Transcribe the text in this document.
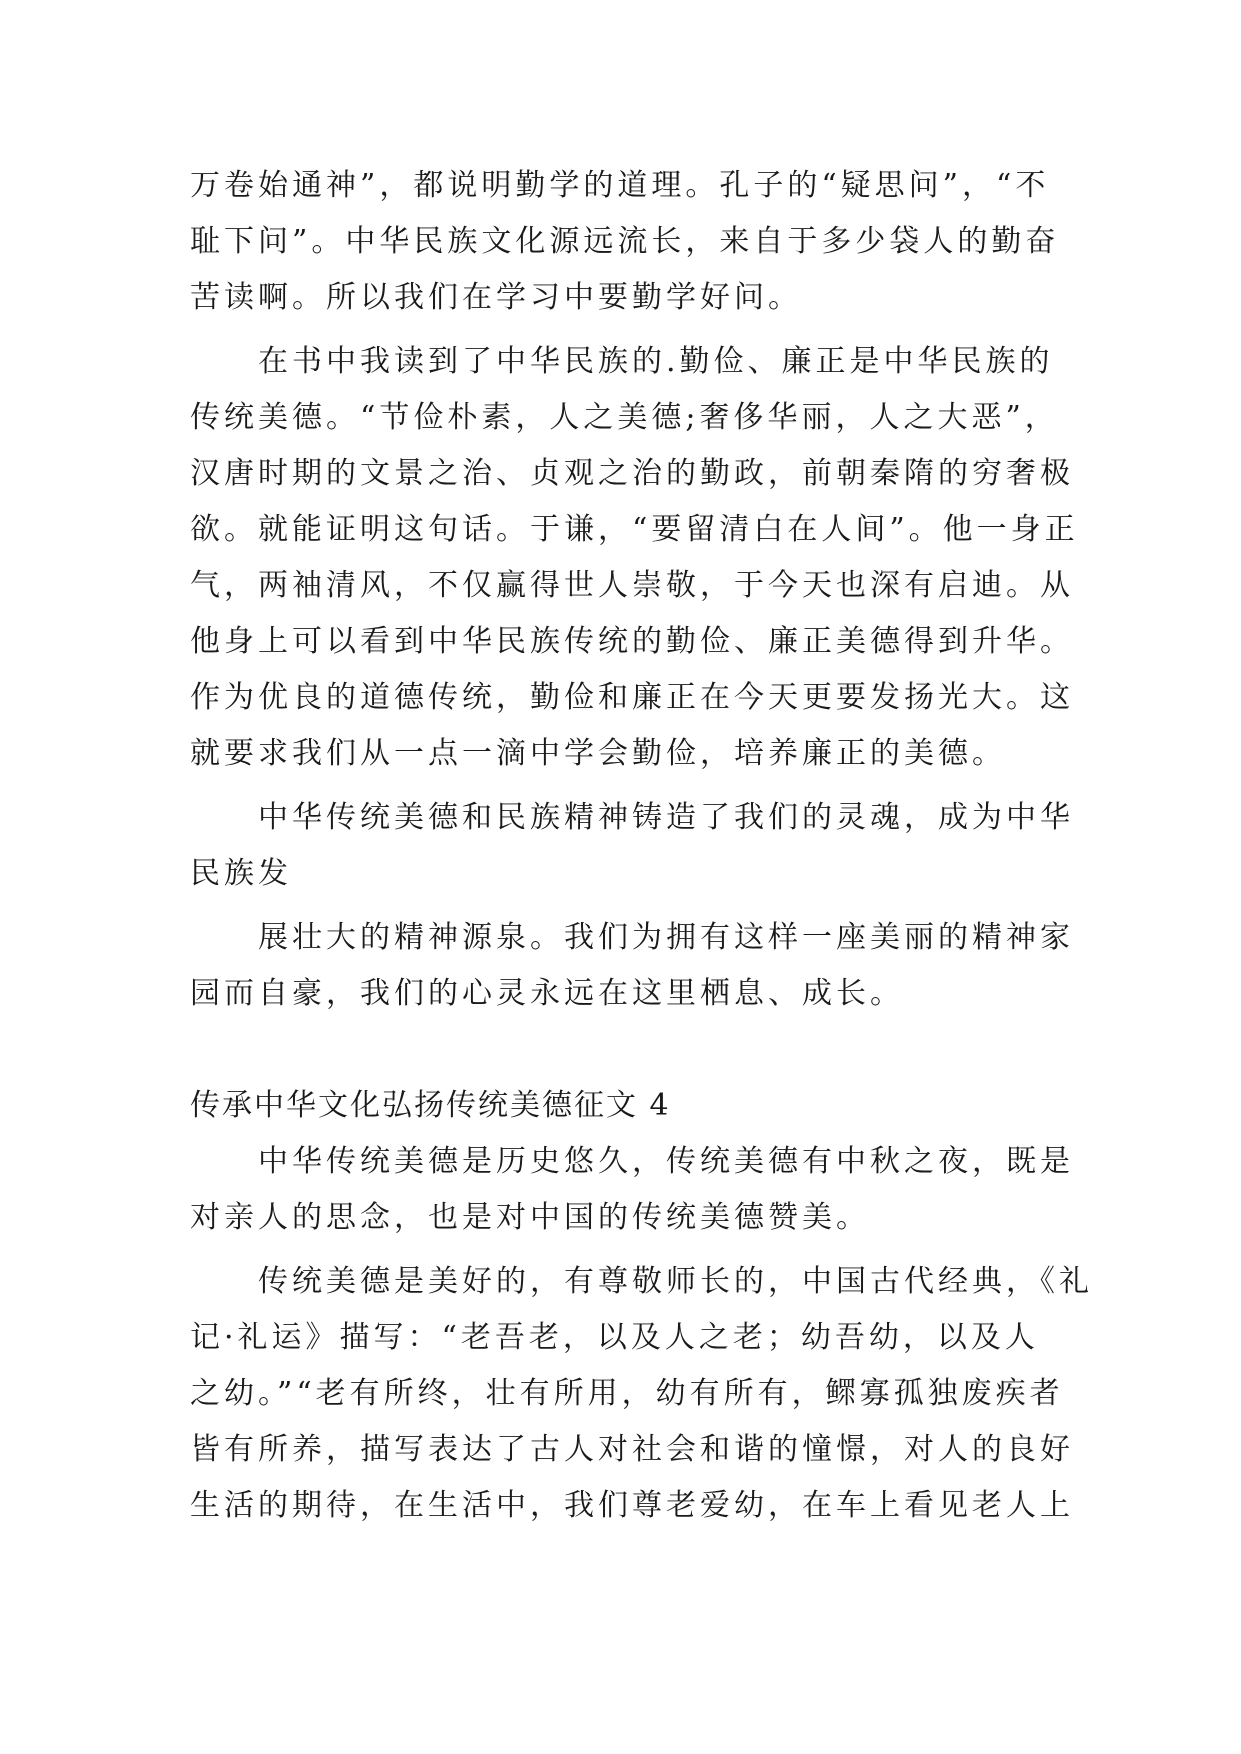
万卷始通神”，都说明勤学的道理。孔子的“疑思问”，“不

耻下问”。中华民族文化源远流长，来自于多少袋人的勤奋

苦读啊。所以我们在学习中要勤学好问。

在书中我读到了中华民族的.勤俭、廉正是中华民族的

传统美德。“节俭朴素，人之美德;奢侈华丽，人之大恶”，

汉唐时期的文景之治、贞观之治的勤政，前朝秦隋的穷奢极

欲。就能证明这句话。于谦，“要留清白在人间”。他一身正

气，两袖清风，不仅赢得世人崇敬，于今天也深有启迪。从

他身上可以看到中华民族传统的勤俭、廉正美德得到升华。

作为优良的道德传统，勤俭和廉正在今天更要发扬光大。这

就要求我们从一点一滴中学会勤俭，培养廉正的美德。

中华传统美德和民族精神铸造了我们的灵魂，成为中华

民族发

展壮大的精神源泉。我们为拥有这样一座美丽的精神家

园而自豪，我们的心灵永远在这里栖息、成长。

传承中华文化弘扬传统美德征文 4

中华传统美德是历史悠久，传统美德有中秋之夜，既是

对亲人的思念，也是对中国的传统美德赞美。

传统美德是美好的，有尊敬师长的，中国古代经典，《礼

记·礼运》描写：“老吾老，以及人之老；幼吾幼，以及人

之幼。”“老有所终，壮有所用，幼有所有，鳏寡孤独废疾者

皆有所养，描写表达了古人对社会和谐的憧憬，对人的良好

生活的期待，在生活中，我们尊老爱幼，在车上看见老人上
